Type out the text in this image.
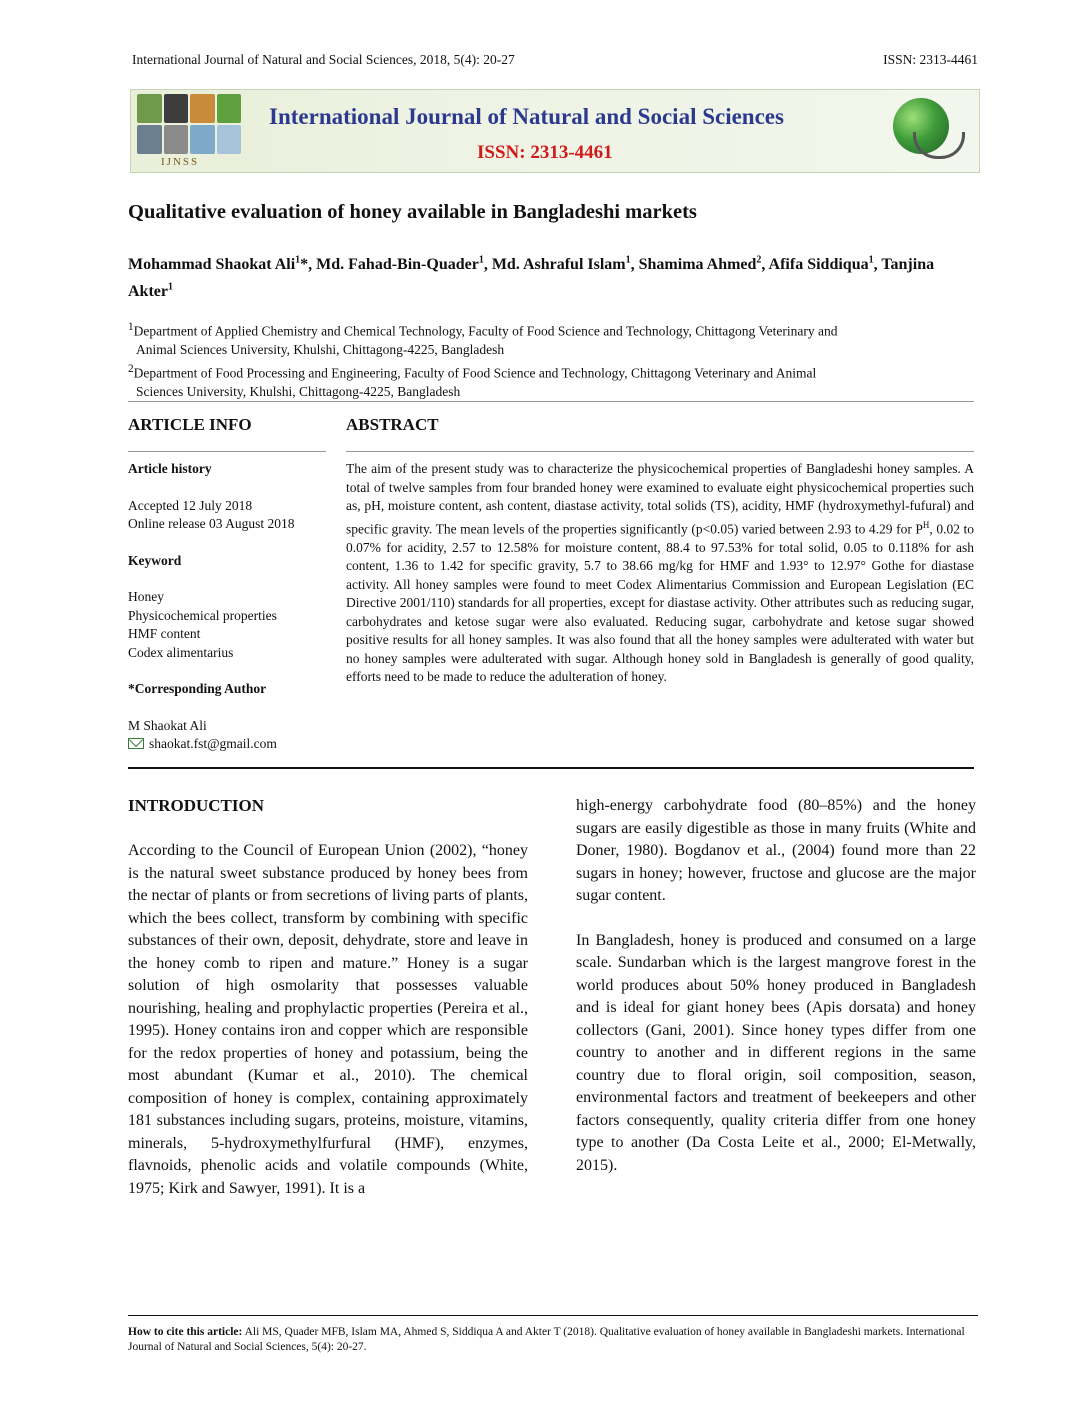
International Journal of Natural and Social Sciences, 2018, 5(4): 20-27	ISSN: 2313-4461
IJNSS
International Journal of Natural and Social Sciences
ISSN: 2313-4461
Qualitative evaluation of honey available in Bangladeshi markets
Mohammad Shaokat Ali$^1$*, Md. Fahad-Bin-Quader$^1$, Md. Ashraful Islam$^1$, Shamima Ahmed$^2$, Afifa Siddiqua$^1$, Tanjina Akter$^1$

$^1$Department of Applied Chemistry and Chemical Technology, Faculty of Food Science and Technology, Chittagong Veterinary and

Animal Sciences University, Khulshi, Chittagong-4225, Bangladesh

$^2$Department of Food Processing and Engineering, Faculty of Food Science and Technology, Chittagong Veterinary and Animal

Sciences University, Khulshi, Chittagong-4225, Bangladesh

ARTICLE INFO	ABSTRACT

Article history

Accepted 12 July 2018

Online release 03 August 2018

Keyword

Honey

Physicochemical properties

HMF content

Codex alimentarius

*Corresponding Author

M Shaokat Ali

shaokat.fst@gmail.com

The aim of the present study was to characterize the physicochemical properties of Bangladeshi honey samples. A total of twelve samples from four branded honey were examined to evaluate eight physicochemical properties such as, pH, moisture content, ash content, diastase activity, total solids (TS), acidity, HMF (hydroxymethyl-fufural) and specific gravity. The mean levels of the properties significantly (p<0.05) varied between 2.93 to 4.29 for $P^H$, 0.02 to 0.07% for acidity, 2.57 to 12.58% for moisture content, 88.4 to 97.53% for total solid, 0.05 to 0.118% for ash content, 1.36 to 1.42 for specific gravity, 5.7 to 38.66 mg/kg for HMF and 1.93° to 12.97° Gothe for diastase activity. All honey samples were found to meet Codex Alimentarius Commission and European Legislation (EC Directive 2001/110) standards for all properties, except for diastase activity. Other attributes such as reducing sugar, carbohydrates and ketose sugar were also evaluated. Reducing sugar, carbohydrate and ketose sugar showed positive results for all honey samples. It was also found that all the honey samples were adulterated with water but no honey samples were adulterated with sugar. Although honey sold in Bangladesh is generally of good quality, efforts need to be made to reduce the adulteration of honey.
INTRODUCTION

According to the Council of European Union (2002), “honey is the natural sweet substance produced by honey bees from the nectar of plants or from secretions of living parts of plants, which the bees collect, transform by combining with specific substances of their own, deposit, dehydrate, store and leave in the honey comb to ripen and mature.” Honey is a sugar solution of high osmolarity that possesses valuable nourishing, healing and prophylactic properties (Pereira et al., 1995). Honey contains iron and copper which are responsible for the redox properties of honey and potassium, being the most abundant (Kumar et al., 2010). The chemical composition of honey is complex, containing approximately 181 substances including sugars, proteins, moisture, vitamins, minerals, 5-hydroxymethylfurfural (HMF), enzymes, flavnoids, phenolic acids and volatile compounds (White, 1975; Kirk and Sawyer, 1991). It is a

high-energy carbohydrate food (80–85%) and the honey sugars are easily digestible as those in many fruits (White and Doner, 1980). Bogdanov et al., (2004) found more than 22 sugars in honey; however, fructose and glucose are the major sugar content.

In Bangladesh, honey is produced and consumed on a large scale. Sundarban which is the largest mangrove forest in the world produces about 50% honey produced in Bangladesh and is ideal for giant honey bees (Apis dorsata) and honey collectors (Gani, 2001). Since honey types differ from one country to another and in different regions in the same country due to floral origin, soil composition, season, environmental factors and treatment of beekeepers and other factors consequently, quality criteria differ from one honey type to another (Da Costa Leite et al., 2000; El-Metwally, 2015).

How to cite this article: Ali MS, Quader MFB, Islam MA, Ahmed S, Siddiqua A and Akter T (2018). Qualitative evaluation of honey available in Bangladeshi markets. International Journal of Natural and Social Sciences, 5(4): 20-27.
